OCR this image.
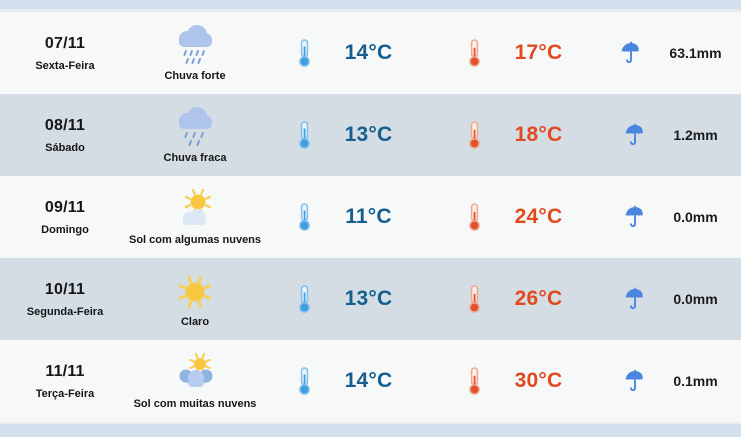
07/11
Sexta-Feira
Chuva forte
14°C	17°C	63.1mm
08/11
Sábado
Chuva fraca
13°C	18°C	1.2mm
09/11
Domingo
Sol com algumas nuvens
11°C	24°C	0.0mm
10/11
Segunda-Feira
Claro
13°C	26°C	0.0mm
11/11
Terça-Feira
Sol com muitas nuvens
14°C	30°C	0.1mm
